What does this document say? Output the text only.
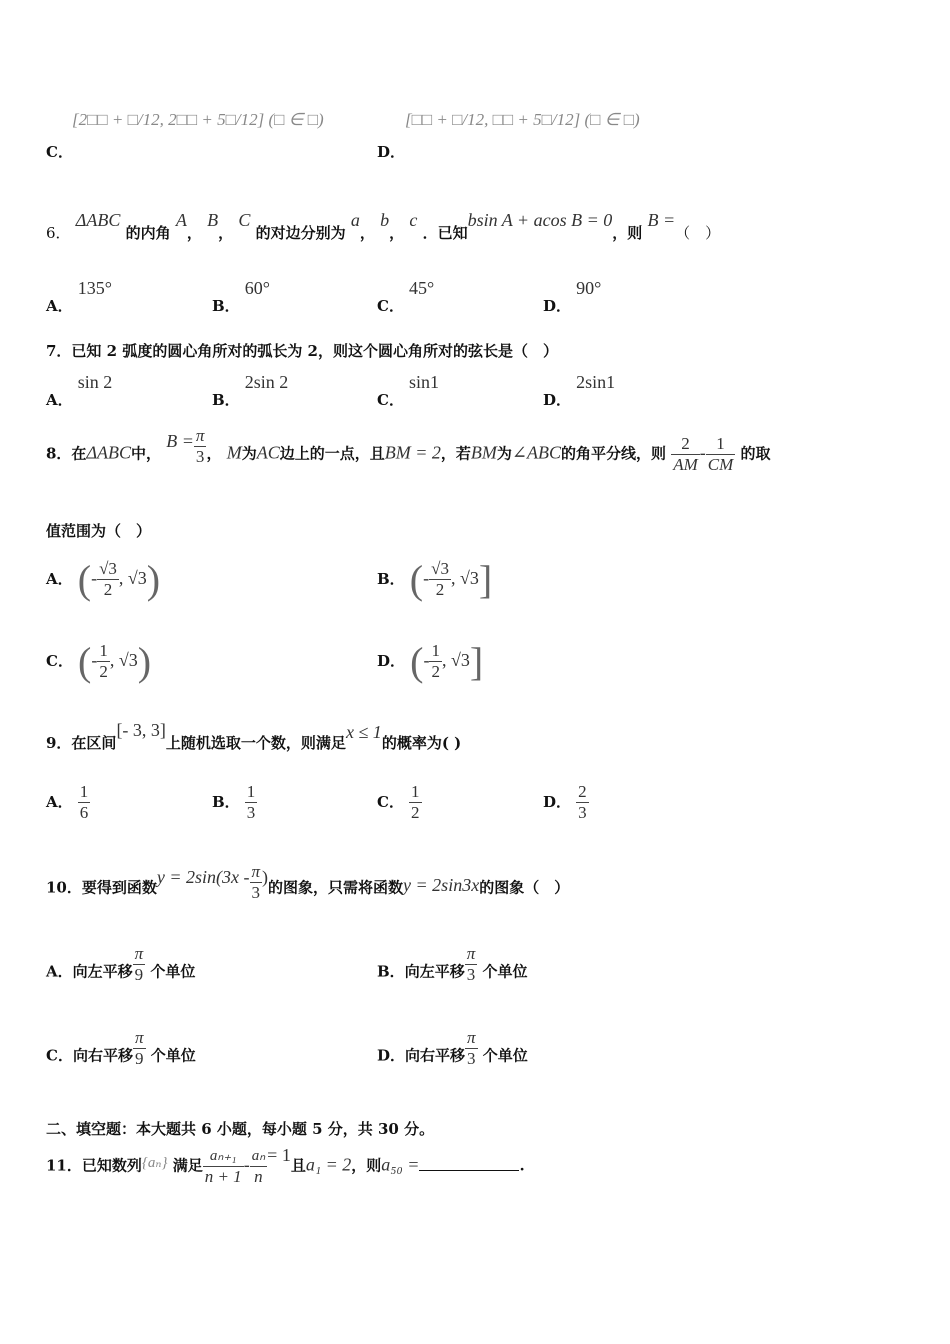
[2□□ + □/12, 2□□ + 5□/12] (□ ∈ □)
C．
[□□ + □/12, □□ + 5□/12] (□ ∈ □)
D．
6． ΔABC 的内角 A， B， C 的对边分别为 a， b， c ．已知bsin A + acos B = 0，则 B =（　）
A． 135°
B． 60°
C． 45°
D． 90°
7．已知 2 弧度的圆心角所对的弧长为 2，则这个圆心角所对的弦长是（　）
A． sin 2
B． 2sin 2
C． sin1
D． 2sin1
8．在ΔABC中， $B = \frac{\pi}{3}$ ， M为AC边上的一点，且BM = 2，若BM为∠ABC的角平分线，则 $\frac{2}{AM} - \frac{1}{CM}$ 的取
值范围为（　）
A． (- $\frac{√3}{2}$ , √3)	B． (- $\frac{√3}{2}$ , √3]
C． (- $\frac{1}{2}$ , √3)	D． (- $\frac{1}{2}$ , √3]
9．在区间[- 3, 3]上随机选取一个数，则满足x ≤ 1的概率为( )
A． $\frac{1}{6}$	B． $\frac{1}{3}$	C． $\frac{1}{2}$	D． $\frac{2}{3}$
10．要得到函数$y = 2\sin(3x - \frac{\pi}{3}$ )的图象，只需将函数y = 2sin3x的图象（　）
A．向左平移 $\frac{\pi}{9}$ 个单位	B．向左平移 $\frac{\pi}{3}$ 个单位
C．向右平移 $\frac{\pi}{9}$ 个单位	D．向右平移 $\frac{\pi}{3}$ 个单位
二、填空题：本大题共 6 小题，每小题 5 分，共 30 分。
11．已知数列{aₙ} 满足 $\frac{\text{aₙ₊₁}}{n + 1} - \frac{\text{aₙ}}{n} = 1$且a₁ = 2，则a₅₀ =	.
